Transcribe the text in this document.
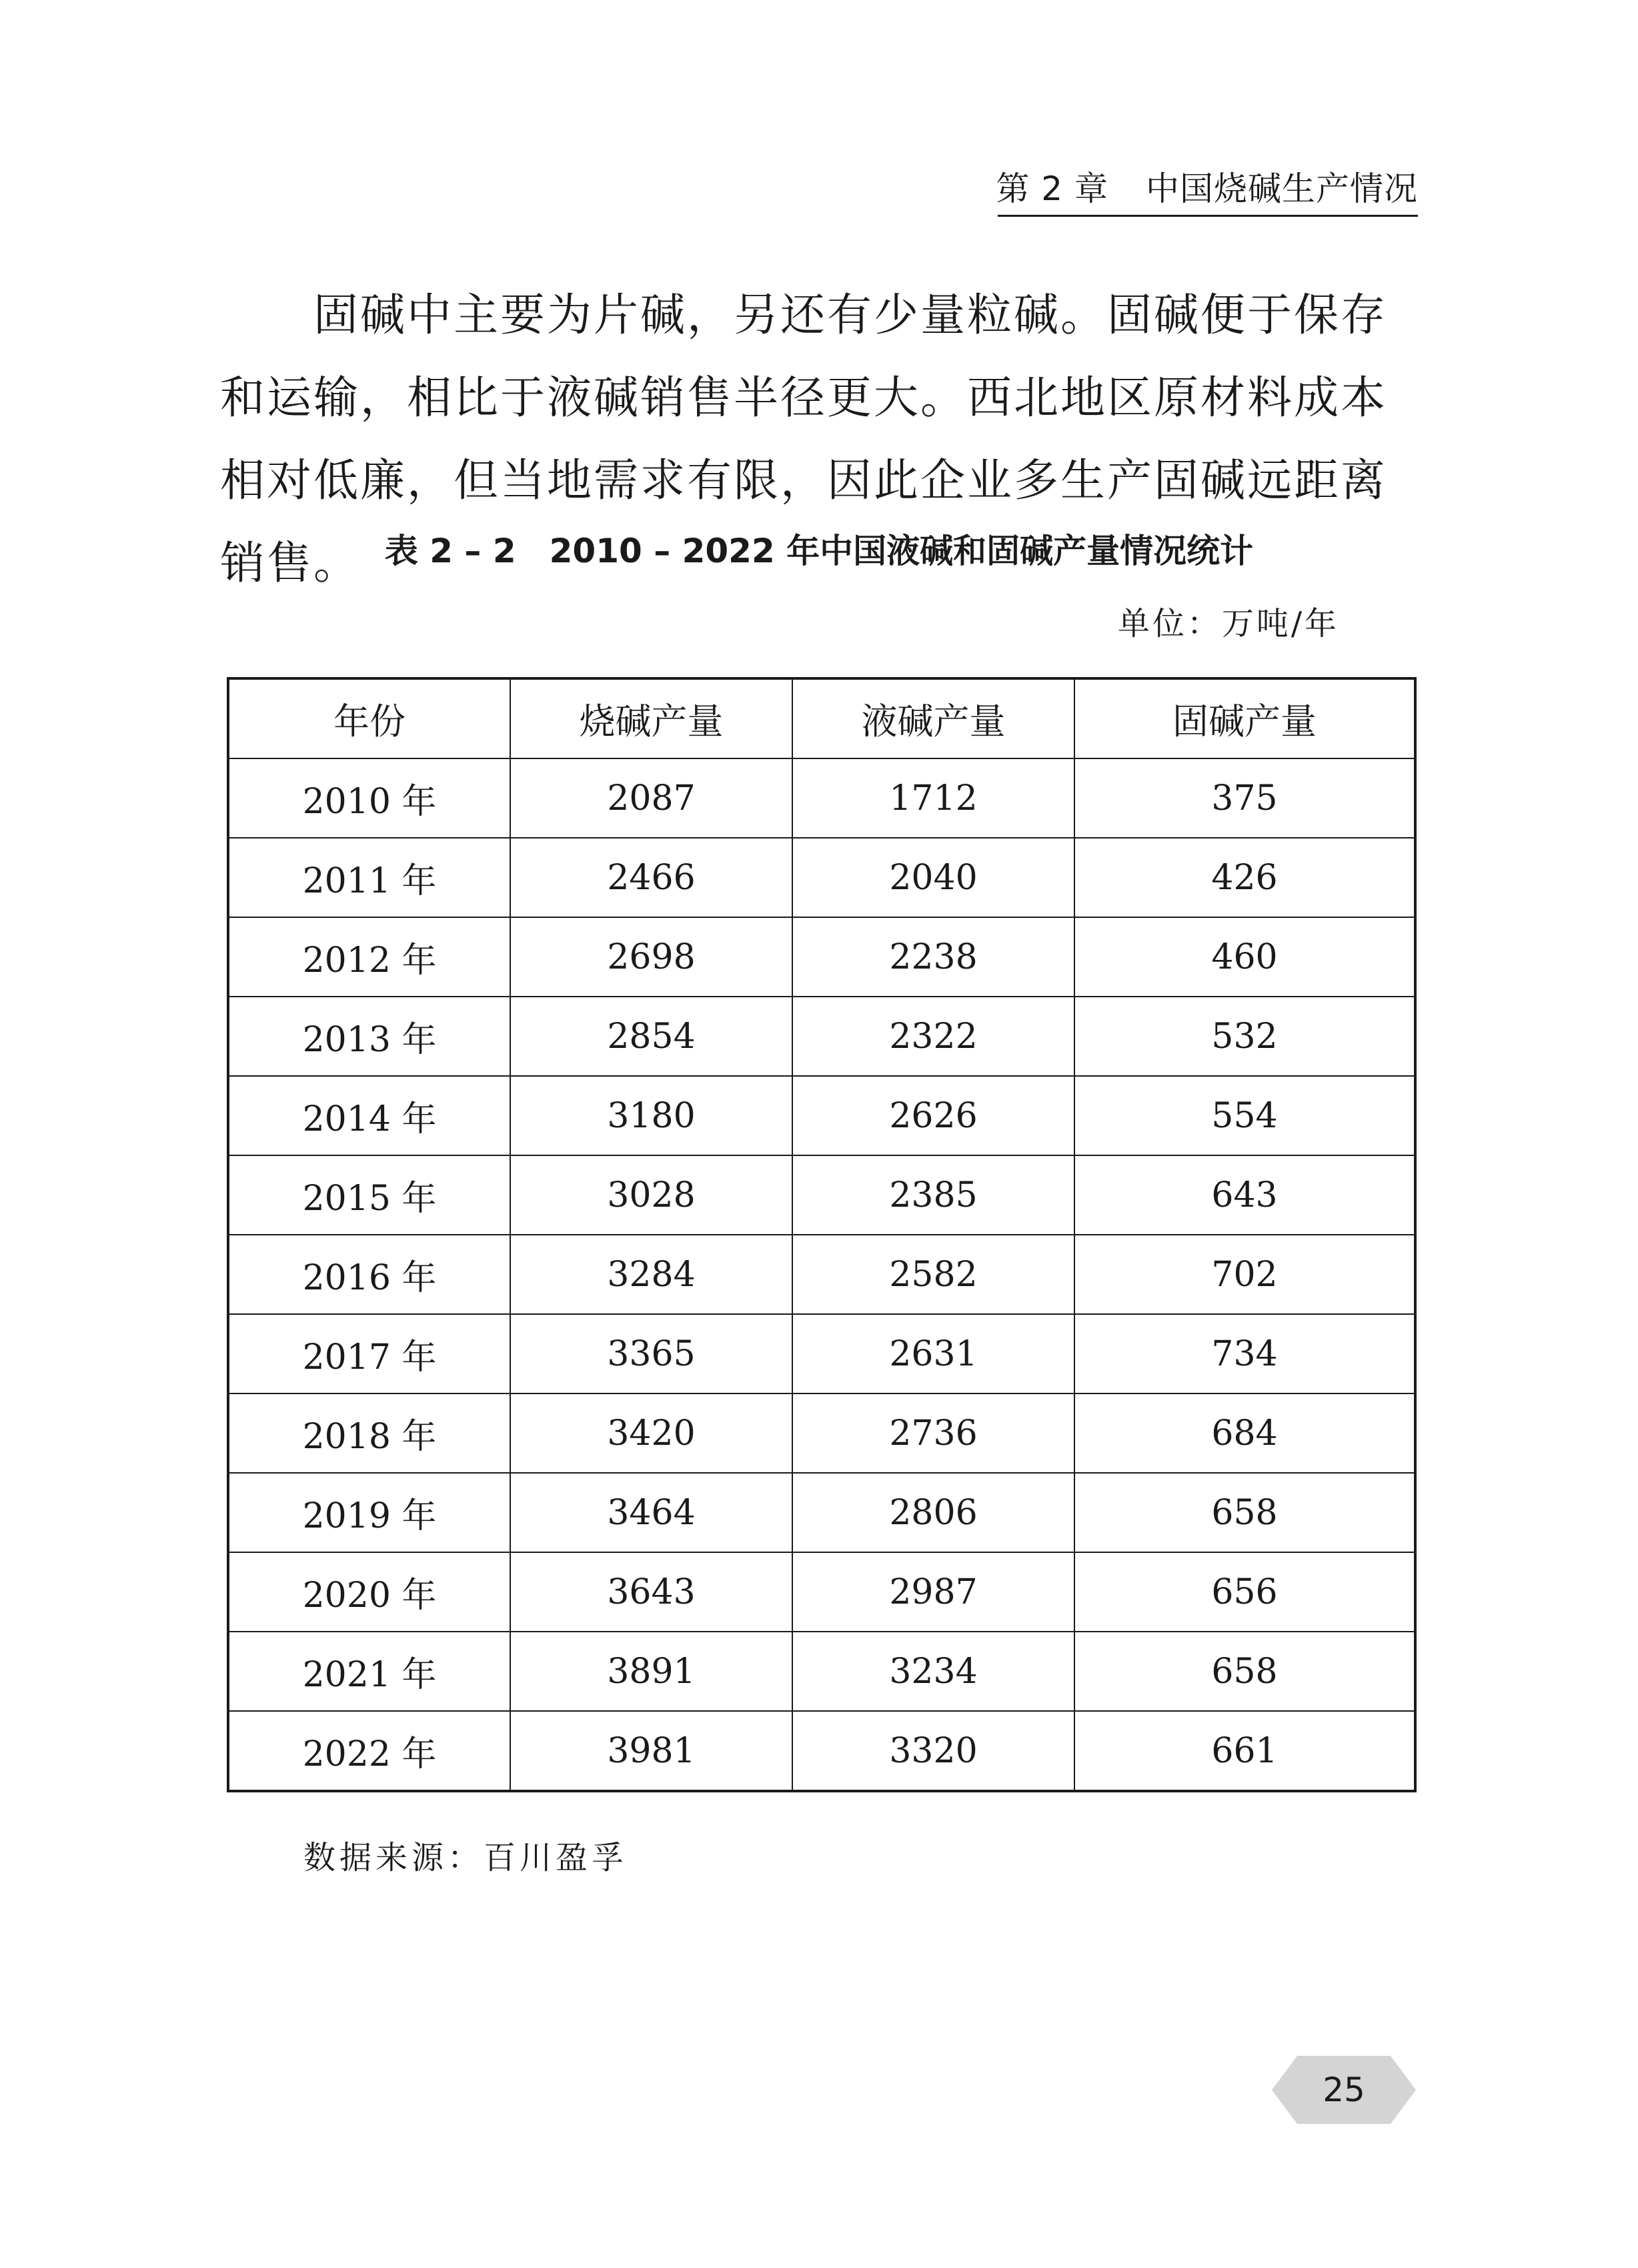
第 2 章 中国烧碱生产情况

固碱中主要为片碱，另还有少量粒碱。固碱便于保存和运输，相比于液碱销售半径更大。西北地区原材料成本相对低廉，但当地需求有限，因此企业多生产固碱远距离销售。 表 2 – 2 2010 – 2022 年中国液碱和固碱产量情况统计
单位：万吨/年
年份	烧碱产量	液碱产量	固碱产量
2010 年	2087	1712	375
2011 年	2466	2040	426
2012 年	2698	2238	460
2013 年	2854	2322	532
2014 年	3180	2626	554
2015 年	3028	2385	643
2016 年	3284	2582	702
2017 年	3365	2631	734
2018 年	3420	2736	684
2019 年	3464	2806	658
2020 年	3643	2987	656
2021 年	3891	3234	658
2022 年	3981	3320	661
数据来源：百川盈孚
25
